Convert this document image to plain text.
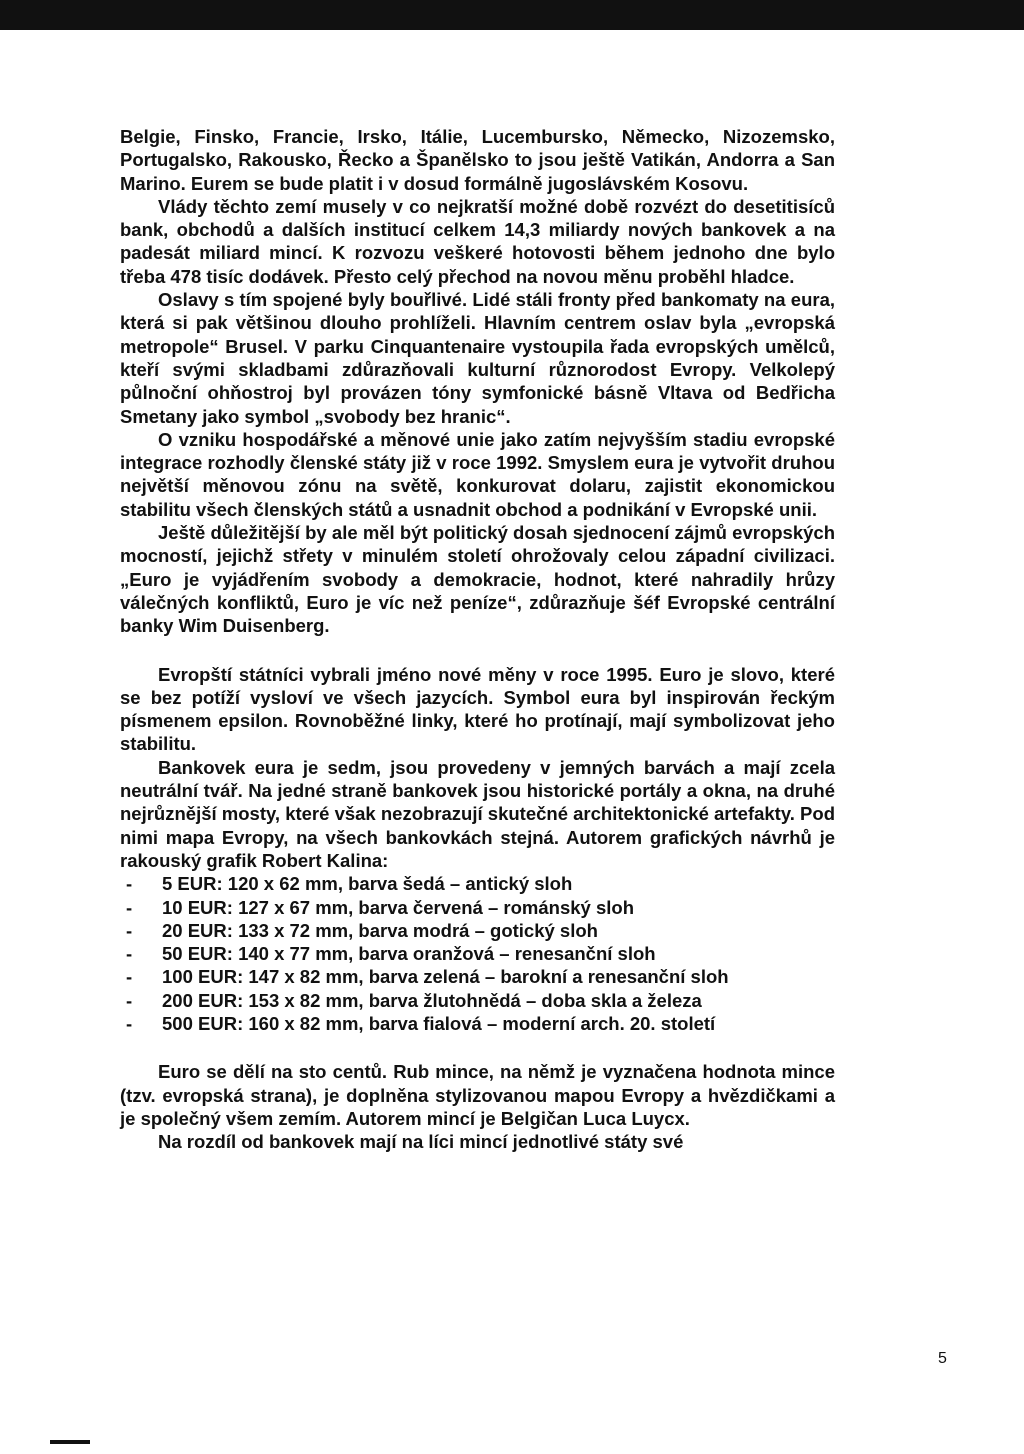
Belgie, Finsko, Francie, Irsko, Itálie, Lucembursko, Německo, Nizozemsko, Portugalsko, Rakousko, Řecko a Španělsko to jsou ještě Vatikán, Andorra a San Marino. Eurem se bude platit i v dosud formálně jugoslávském Kosovu.

Vlády těchto zemí musely v co nejkratší možné době rozvézt do desetitisíců bank, obchodů a dalších institucí celkem 14,3 miliardy nových bankovek a na padesát miliard mincí. K rozvozu veškeré hotovosti během jednoho dne bylo třeba 478 tisíc dodávek. Přesto celý přechod na novou měnu proběhl hladce.

Oslavy s tím spojené byly bouřlivé. Lidé stáli fronty před bankomaty na eura, která si pak většinou dlouho prohlíželi. Hlavním centrem oslav byla „evropská metropole“ Brusel. V parku Cinquantenaire vystoupila řada evropských umělců, kteří svými skladbami zdůrazňovali kulturní různorodost Evropy. Velkolepý půlnoční ohňostroj byl provázen tóny symfonické básně Vltava od Bedřicha Smetany jako symbol „svobody bez hranic“.

O vzniku hospodářské a měnové unie jako zatím nejvyšším stadiu evropské integrace rozhodly členské státy již v roce 1992. Smyslem eura je vytvořit druhou největší měnovou zónu na světě, konkurovat dolaru, zajistit ekonomickou stabilitu všech členských států a usnadnit obchod a podnikání v Evropské unii.

Ještě důležitější by ale měl být politický dosah sjednocení zájmů evropských mocností, jejichž střety v minulém století ohrožovaly celou západní civilizaci. „Euro je vyjádřením svobody a demokracie, hodnot, které nahradily hrůzy válečných konfliktů, Euro je víc než peníze“, zdůrazňuje šéf Evropské centrální banky Wim Duisenberg.

Evropští státníci vybrali jméno nové měny v roce 1995. Euro je slovo, které se bez potíží vysloví ve všech jazycích. Symbol eura byl inspirován řeckým písmenem epsilon. Rovnoběžné linky, které ho protínají, mají symbolizovat jeho stabilitu.

Bankovek eura je sedm, jsou provedeny v jemných barvách a mají zcela neutrální tvář. Na jedné straně bankovek jsou historické portály a okna, na druhé nejrůznější mosty, které však nezobrazují skutečné architektonické artefakty. Pod nimi mapa Evropy, na všech bankovkách stejná. Autorem grafických návrhů je rakouský grafik Robert Kalina:

- 5 EUR: 120 x 62 mm, barva šedá – antický sloh
- 10 EUR: 127 x 67 mm, barva červená – románský sloh
- 20 EUR: 133 x 72 mm, barva modrá – gotický sloh
- 50 EUR: 140 x 77 mm, barva oranžová – renesanční sloh
- 100 EUR: 147 x 82 mm, barva zelená – barokní a renesanční sloh
- 200 EUR: 153 x 82 mm, barva žlutohnědá – doba skla a železa
- 500 EUR: 160 x 82 mm, barva fialová – moderní arch. 20. století

Euro se dělí na sto centů. Rub mince, na němž je vyznačena hodnota mince (tzv. evropská strana), je doplněna stylizovanou mapou Evropy a hvězdičkami a je společný všem zemím. Autorem mincí je Belgičan Luca Luycx.

Na rozdíl od bankovek mají na líci mincí jednotlivé státy své

5
